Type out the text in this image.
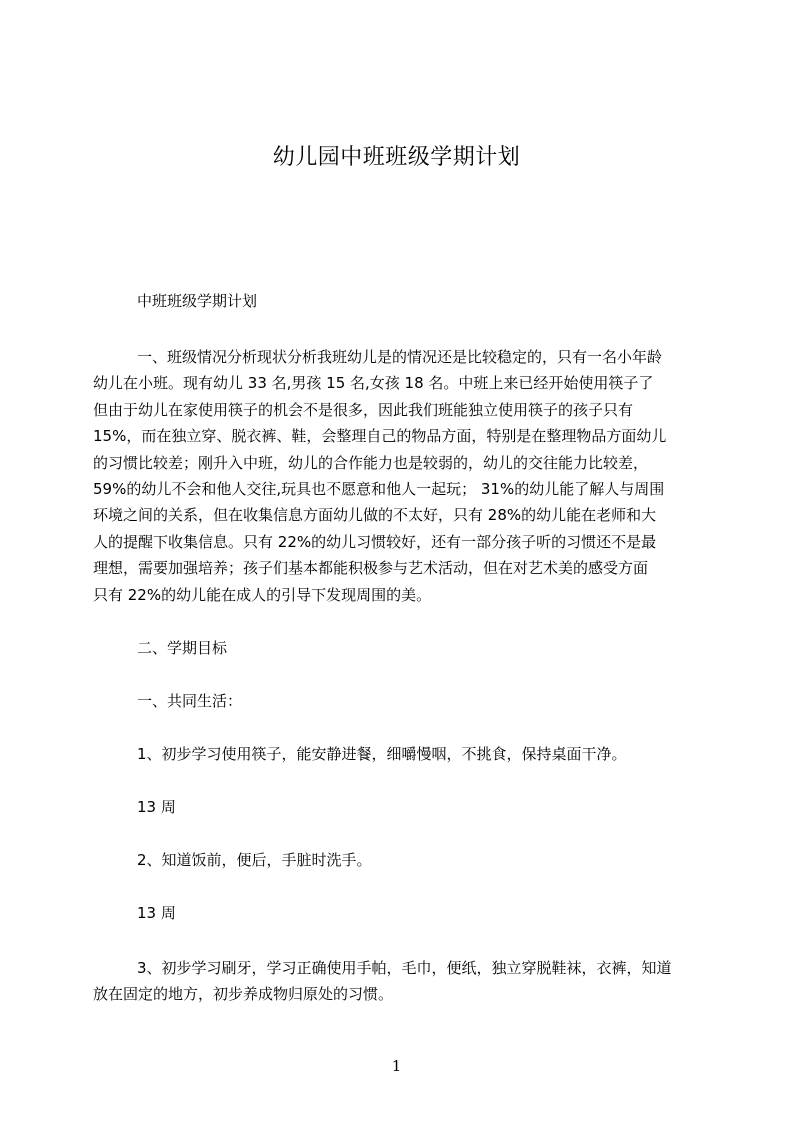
幼儿园中班班级学期计划
中班班级学期计划
一、班级情况分析现状分析我班幼儿是的情况还是比较稳定的，只有一名小年龄
幼儿在小班。现有幼儿 33 名,男孩 15 名,女孩 18 名。中班上来已经开始使用筷子了
但由于幼儿在家使用筷子的机会不是很多，因此我们班能独立使用筷子的孩子只有
15%，而在独立穿、脱衣裤、鞋，会整理自己的物品方面，特别是在整理物品方面幼儿
的习惯比较差；刚升入中班，幼儿的合作能力也是较弱的，幼儿的交往能力比较差，
59%的幼儿不会和他人交往,玩具也不愿意和他人一起玩； 31%的幼儿能了解人与周围
环境之间的关系，但在收集信息方面幼儿做的不太好，只有 28%的幼儿能在老师和大
人的提醒下收集信息。只有 22%的幼儿习惯较好，还有一部分孩子听的习惯还不是最
理想，需要加强培养；孩子们基本都能积极参与艺术活动，但在对艺术美的感受方面
只有 22%的幼儿能在成人的引导下发现周围的美。
二、学期目标
一、共同生活：
1、初步学习使用筷子，能安静进餐，细嚼慢咽，不挑食，保持桌面干净。
13 周
2、知道饭前，便后，手脏时洗手。
13 周
3、初步学习刷牙，学习正确使用手帕，毛巾，便纸，独立穿脱鞋袜，衣裤，知道
放在固定的地方，初步养成物归原处的习惯。
1
